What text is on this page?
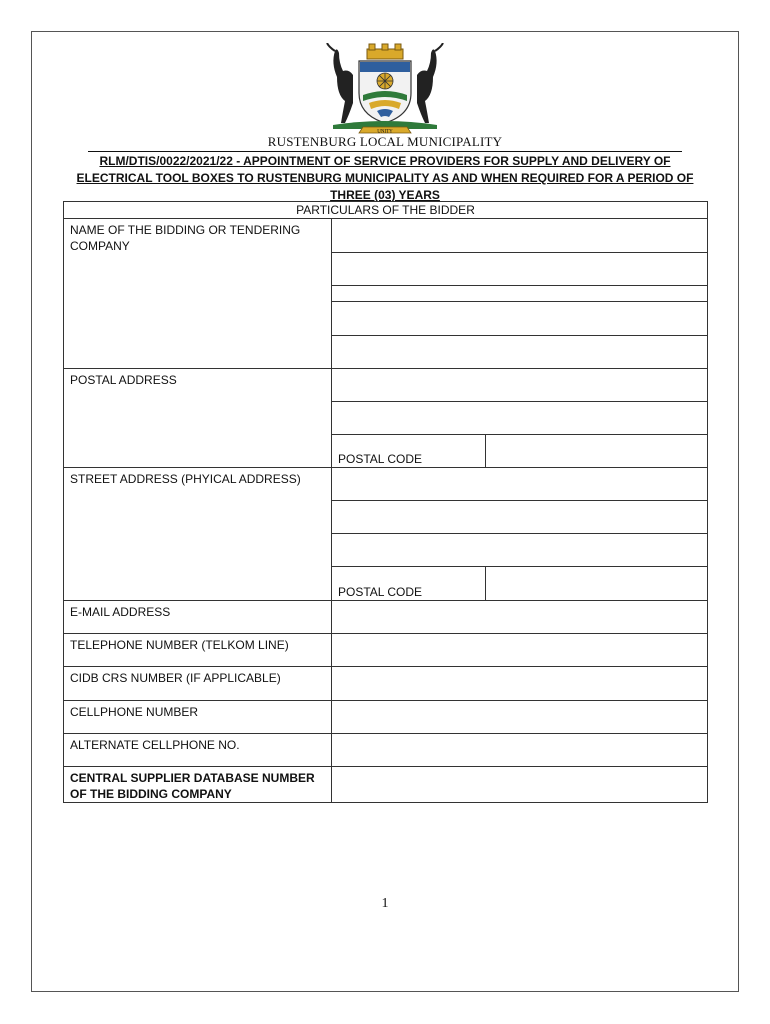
UNITY
RUSTENBURG LOCAL MUNICIPALITY
RLM/DTIS/0022/2021/22 - APPOINTMENT OF SERVICE PROVIDERS FOR SUPPLY AND DELIVERY OF ELECTRICAL TOOL BOXES TO RUSTENBURG MUNICIPALITY AS AND WHEN REQUIRED FOR A PERIOD OF THREE (03) YEARS
PARTICULARS OF THE BIDDER		
NAME OF THE BIDDING OR TENDERING COMPANY		

POSTAL ADDRESS		

	POSTAL CODE	
STREET ADDRESS (PHYICAL ADDRESS)		

	POSTAL CODE	
E-MAIL ADDRESS		
TELEPHONE NUMBER (TELKOM LINE)		
CIDB CRS NUMBER (IF APPLICABLE)		
CELLPHONE NUMBER		
ALTERNATE CELLPHONE NO.		
CENTRAL SUPPLIER DATABASE NUMBER OF THE BIDDING COMPANY		
1
